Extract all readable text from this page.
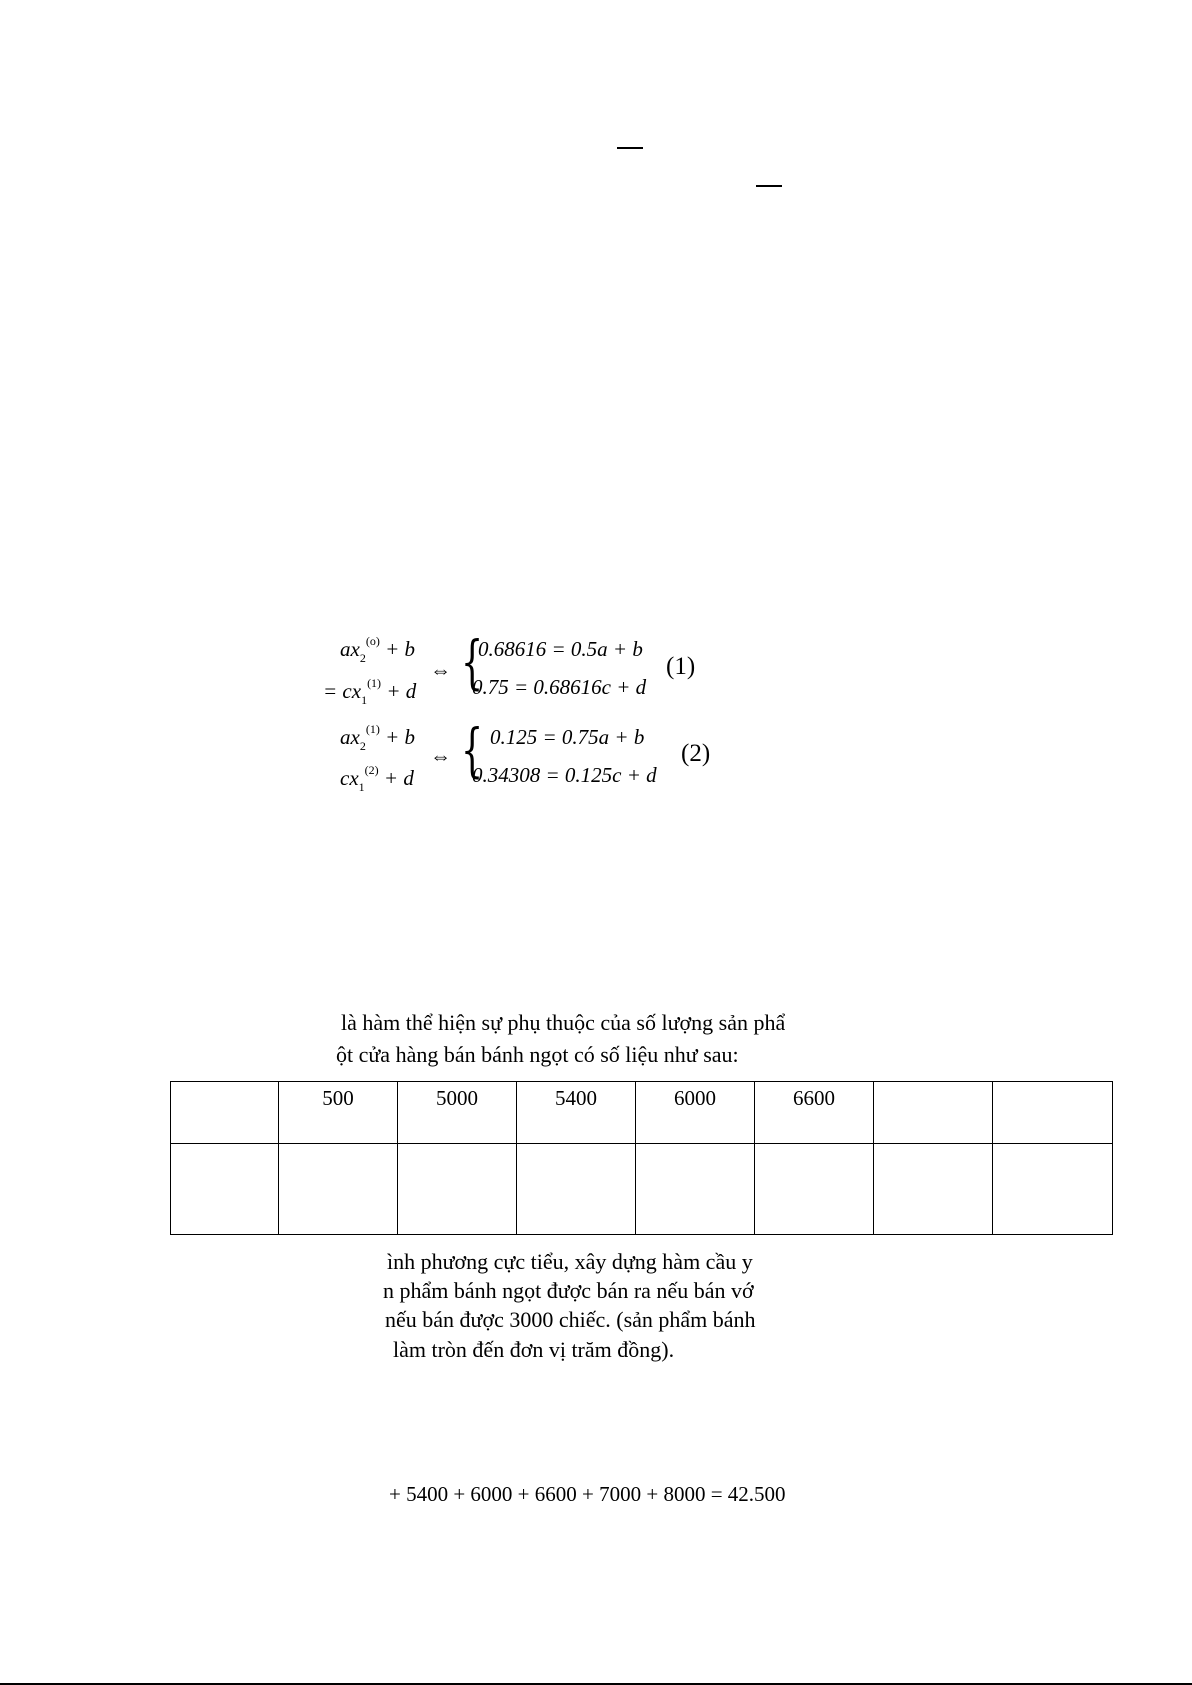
$ax_2^{(o)} + b$
= $cx_1^{(1)} + d$
⇔ {
0.68616 = 0.5a + b
0.75 = 0.68616c + d
(1)
$ax_2^{(1)} + b$
$cx_1^{(2)} + d$
⇔ { 0.125 = 0.75a + b
0.34308 = 0.125c + d
(2)
là hàm thể hiện sự phụ thuộc của số lượng sản phẩ
ột cửa hàng bán bánh ngọt có số liệu như sau:
	500	5000	5400	6000	6600		

ình phương cực tiểu, xây dựng hàm cầu y
n phẩm bánh ngọt được bán ra nếu bán vớ
nếu bán được 3000 chiếc. (sản phẩm bánh
làm tròn đến đơn vị trăm đồng).
+ 5400 + 6000 + 6600 + 7000 + 8000 = 42.500
